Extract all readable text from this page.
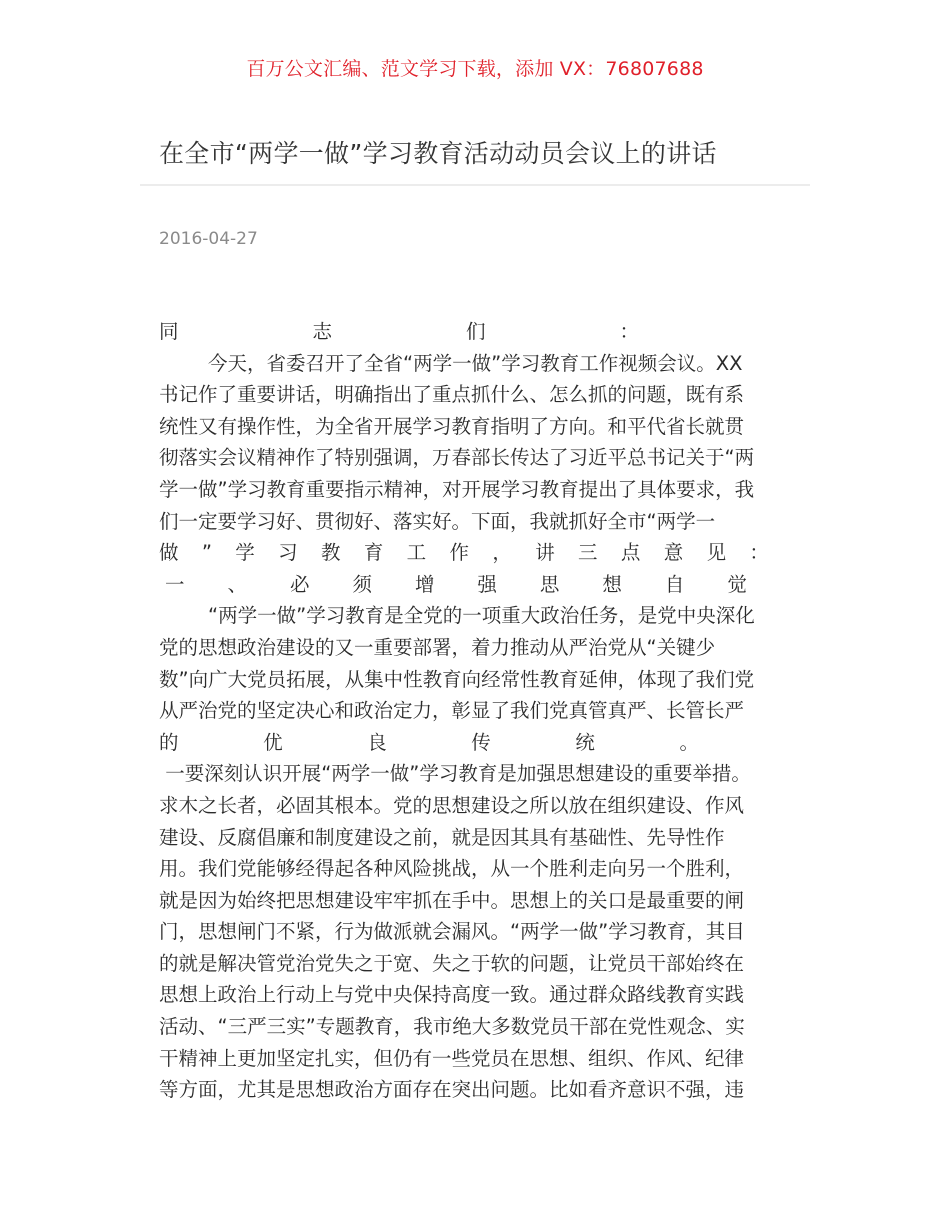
百万公文汇编、范文学习下载，添加 VX：76807688
在全市“两学一做”学习教育活动动员会议上的讲话
2016-04-27
同	志	们	：
今天，省委召开了全省“两学一做”学习教育工作视频会议。XX
书记作了重要讲话，明确指出了重点抓什么、怎么抓的问题，既有系
统性又有操作性，为全省开展学习教育指明了方向。和平代省长就贯
彻落实会议精神作了特别强调，万春部长传达了习近平总书记关于“两
学一做”学习教育重要指示精神，对开展学习教育提出了具体要求，我
们一定要学习好、贯彻好、落实好。下面，我就抓好全市“两学一
做 ” 学 习 教 育 工 作 ， 讲 三 点 意 见 ：
一 、 必 须 增 强 思 想 自 觉
“两学一做”学习教育是全党的一项重大政治任务，是党中央深化
党的思想政治建设的又一重要部署，着力推动从严治党从“关键少
数”向广大党员拓展，从集中性教育向经常性教育延伸，体现了我们党
从严治党的坚定决心和政治定力，彰显了我们党真管真严、长管长严
的	优	良	传	统	。
一要深刻认识开展“两学一做”学习教育是加强思想建设的重要举措。
求木之长者，必固其根本。党的思想建设之所以放在组织建设、作风
建设、反腐倡廉和制度建设之前，就是因其具有基础性、先导性作
用。我们党能够经得起各种风险挑战，从一个胜利走向另一个胜利，
就是因为始终把思想建设牢牢抓在手中。思想上的关口是最重要的闸
门，思想闸门不紧，行为做派就会漏风。“两学一做”学习教育，其目
的就是解决管党治党失之于宽、失之于软的问题，让党员干部始终在
思想上政治上行动上与党中央保持高度一致。通过群众路线教育实践
活动、“三严三实”专题教育，我市绝大多数党员干部在党性观念、实
干精神上更加坚定扎实，但仍有一些党员在思想、组织、作风、纪律
等方面，尤其是思想政治方面存在突出问题。比如看齐意识不强，违
